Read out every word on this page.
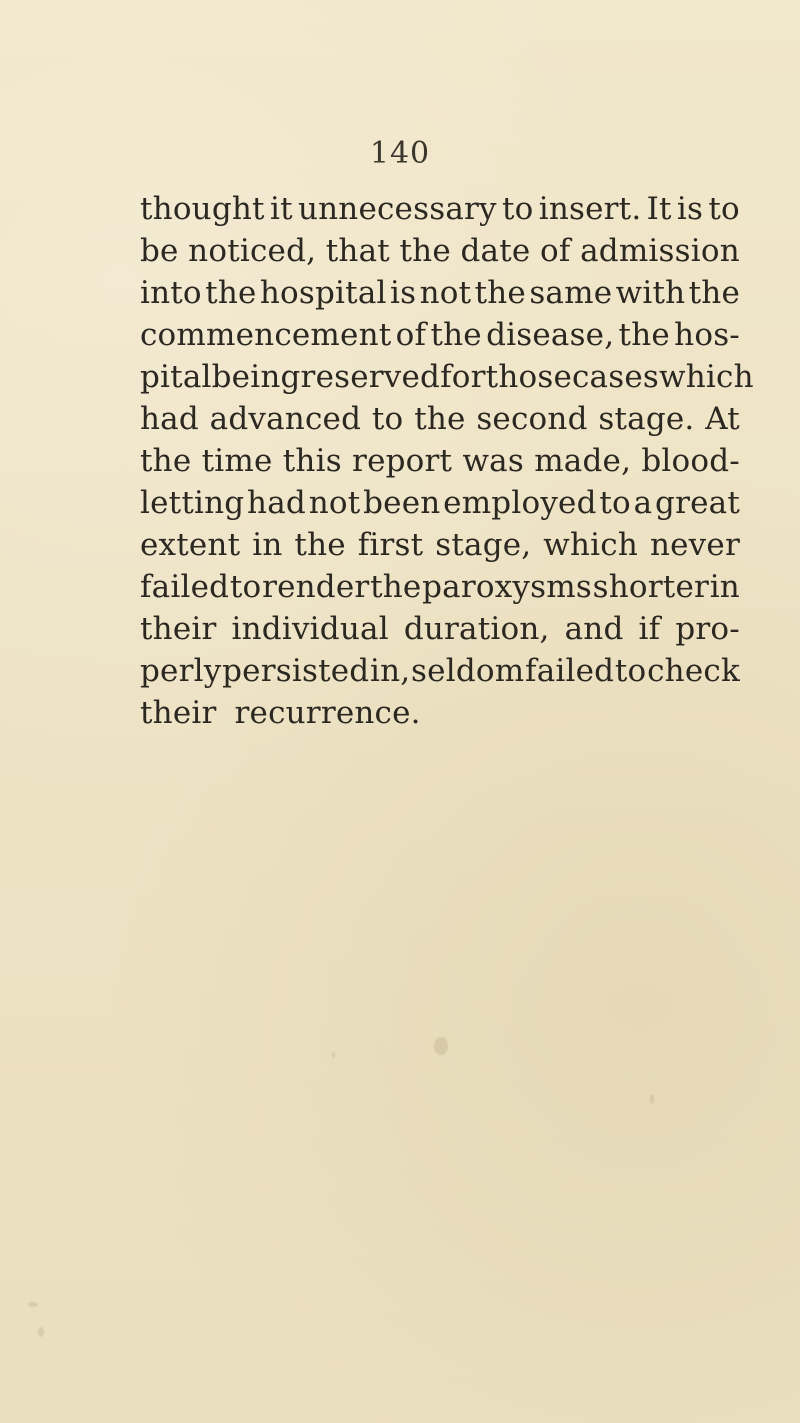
140
thought it unnecessary to insert. It is to
be noticed, that the date of admission
into the hospital is not the same with the
commencement of the disease, the hos-
pital being reserved for those cases which
had advanced to the second stage. At
the time this report was made, blood-
letting had not been employed to a great
extent in the first stage, which never
failed to render the paroxysms shorter in
their individual duration, and if pro-
perly persisted in, seldom failed to check
their recurrence.
